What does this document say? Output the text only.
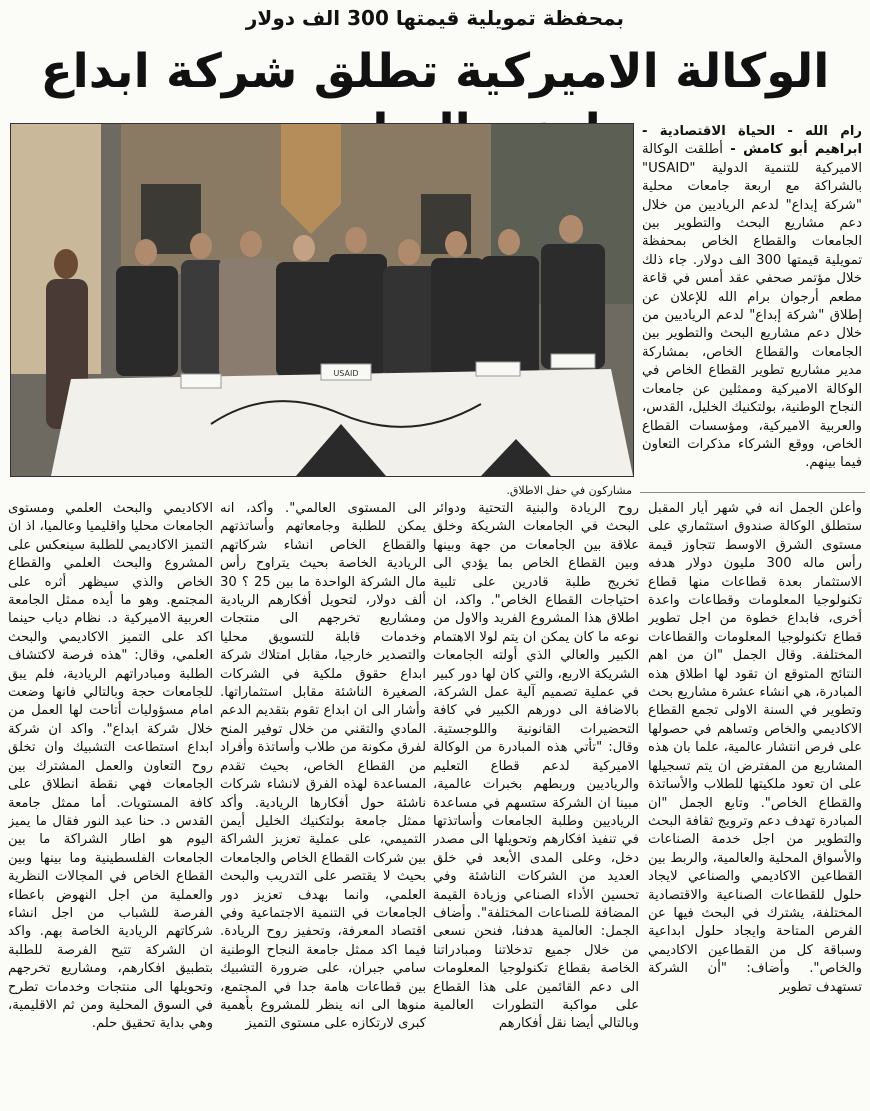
بمحفظة تمويلية قيمتها 300 الف دولار
الوكالة الاميركية تطلق شركة ابداع
USAID
مشاركون في حفل الاطلاق.

رام الله - الحياة الاقتصادية - ابراهيم أبو كامش - أطلقت الوكالة الاميركية للتنمية الدولية "USAID" بالشراكة مع اربعة جامعات محلية "شركة إبداع" لدعم الرياديين من خلال دعم مشاريع البحث والتطوير بين الجامعات والقطاع الخاص بمحفظة تمويلية قيمتها 300 الف دولار. جاء ذلك خلال مؤتمر صحفي عقد أمس في قاعة مطعم أرجوان برام الله للإعلان عن إطلاق "شركة إبداع" لدعم الرياديين من خلال دعم مشاريع البحث والتطوير بين الجامعات والقطاع الخاص، بمشاركة مدير مشاريع تطوير القطاع الخاص في الوكالة الاميركية وممثلين عن جامعات النجاح الوطنية، بولتكنيك الخليل، القدس، والعربية الاميركية، ومؤسسات القطاع الخاص، ووقع الشركاء مذكرات التعاون فيما بينهم.

وأعلن الجمل انه في شهر أيار المقبل ستطلق الوكالة صندوق استثماري على مستوى الشرق الاوسط تتجاوز قيمة رأس ماله 300 مليون دولار هدفه الاستثمار بعدة قطاعات منها قطاع تكنولوجيا المعلومات وقطاعات واعدة أخرى، فابداع خطوة من اجل تطوير قطاع تكنولوجيا المعلومات والقطاعات المختلفة. وقال الجمل "ان من اهم النتائج المتوقع ان تقود لها اطلاق هذه المبادرة، هي انشاء عشرة مشاريع بحث وتطوير في السنة الاولى تجمع القطاع الاكاديمي والخاص وتساهم في حصولها على فرص انتشار عالمية، علما بان هذه المشاريع من المفترض ان يتم تسجيلها على ان تعود ملكيتها للطلاب والأساتذة والقطاع الخاص". وتابع الجمل "ان المبادرة تهدف دعم وترويج ثقافة البحث والتطوير من اجل خدمة الصناعات والأسواق المحلية والعالمية، والربط بين القطاعين الاكاديمي والصناعي لايجاد حلول للقطاعات الصناعية والاقتصادية المختلفة، يشترك في البحث فيها عن الفرص المتاحة وايجاد حلول ابداعية وسباقة كل من القطاعين الاكاديمي والخاص". وأضاف: "أن الشركة تستهدف تطوير

روح الريادة والبنية التحتية ودوائر البحث في الجامعات الشريكة وخلق علاقة بين الجامعات من جهة وبينها وبين القطاع الخاص بما يؤدي الى تخريج طلبة قادرين على تلبية احتياجات القطاع الخاص". واكد، ان اطلاق هذا المشروع الفريد والاول من نوعه ما كان يمكن ان يتم لولا الاهتمام الكبير والعالي الذي أولته الجامعات الشريكة الاربع، والتي كان لها دور كبير في عملية تصميم آلية عمل الشركة، بالاضافة الى دورهم الكبير في كافة التحضيرات القانونية واللوجستية. وقال: "تأتي هذه المبادرة من الوكالة الاميركية لدعم قطاع التعليم والرياديين وربطهم بخبرات عالمية، مبينا ان الشركة ستسهم في مساعدة الرياديين وطلبة الجامعات وأساتذتها في تنفيذ افكارهم وتحويلها الى مصدر دخل، وعلى المدى الأبعد في خلق العديد من الشركات الناشئة وفي تحسين الأداء الصناعي وزيادة القيمة المضافة للصناعات المختلفة". وأضاف الجمل: العالمية هدفنا، فنحن نسعى من خلال جميع تدخلاتنا ومبادراتنا الخاصة بقطاع تكنولوجيا المعلومات الى دعم القائمين على هذا القطاع على مواكبة التطورات العالمية وبالتالي أيضا نقل أفكارهم

الى المستوى العالمي". وأكد، انه يمكن للطلبة وجامعاتهم وأساتذتهم والقطاع الخاص انشاء شركاتهم الريادية الخاصة بحيث يتراوح رأس مال الشركة الواحدة ما بين 25 ؟ 30 ألف دولار، لتحويل أفكارهم الريادية ومشاريع تخرجهم الى منتجات وخدمات قابلة للتسويق محليا والتصدير خارجيا، مقابل امتلاك شركة ابداع حقوق ملكية في الشركات الصغيرة الناشئة مقابل استثماراتها. وأشار الى ان ابداع تقوم بتقديم الدعم المادي والتقني من خلال توفير المنح لفرق مكونة من طلاب وأساتذة وأفراد من القطاع الخاص، بحيث تقدم المساعدة لهذه الفرق لانشاء شركات ناشئة حول أفكارها الريادية. وأكد ممثل جامعة بولتكنيك الخليل أيمن التميمي، على عملية تعزيز الشراكة بين شركات القطاع الخاص والجامعات بحيث لا يقتصر على التدريب والبحث العلمي، وانما بهدف تعزيز دور الجامعات في التنمية الاجتماعية وفي اقتصاد المعرفة، وتحفيز روح الريادة. فيما اكد ممثل جامعة النجاح الوطنية سامي جبران، على ضرورة التشبيك بين قطاعات هامة جدا في المجتمع، منوها الى انه ينظر للمشروع بأهمية كبرى لارتكازه على مستوى التميز

الاكاديمي والبحث العلمي ومستوى الجامعات محليا واقليميا وعالميا، اذ ان التميز الاكاديمي للطلبة سينعكس على المشروع والبحث العلمي والقطاع الخاص والذي سيظهر أثره على المجتمع. وهو ما أيده ممثل الجامعة العربية الاميركية د. نظام دياب حينما اكد على التميز الاكاديمي والبحث العلمي، وقال: "هذه فرصة لاكتشاف الطلبة ومبادراتهم الريادية، فلم يبق للجامعات حجة وبالتالي فانها وضعت امام مسؤوليات أتاحت لها العمل من خلال شركة ابداع". واكد ان شركة ابداع استطاعت التشبيك وان تخلق روح التعاون والعمل المشترك بين الجامعات فهي نقطة انطلاق على كافة المستويات. أما ممثل جامعة القدس د. حنا عبد النور فقال ما يميز اليوم هو اطار الشراكة ما بين الجامعات الفلسطينية وما بينها وبين القطاع الخاص في المجالات النظرية والعملية من اجل النهوض باعطاء الفرصة للشباب من اجل انشاء شركاتهم الريادية الخاصة بهم. واكد ان الشركة تتيح الفرصة للطلبة بتطبيق افكارهم، ومشاريع تخرجهم وتحويلها الى منتجات وخدمات تطرح في السوق المحلية ومن ثم الاقليمية، وهي بداية تحقيق حلم.
